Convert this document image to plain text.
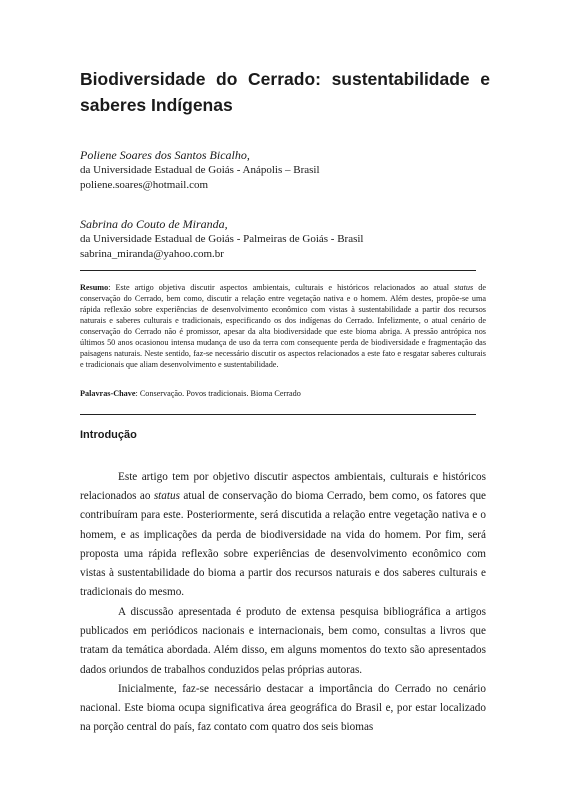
Biodiversidade do Cerrado: sustentabilidade e saberes Indígenas
Poliene Soares dos Santos Bicalho,
da Universidade Estadual de Goiás - Anápolis – Brasil
poliene.soares@hotmail.com
Sabrina do Couto de Miranda,
da Universidade Estadual de Goiás - Palmeiras de Goiás - Brasil
sabrina_miranda@yahoo.com.br
Resumo: Este artigo objetiva discutir aspectos ambientais, culturais e históricos relacionados ao atual status de conservação do Cerrado, bem como, discutir a relação entre vegetação nativa e o homem. Além destes, propõe-se uma rápida reflexão sobre experiências de desenvolvimento econômico com vistas à sustentabilidade a partir dos recursos naturais e saberes culturais e tradicionais, especificando os dos indígenas do Cerrado. Infelizmente, o atual cenário de conservação do Cerrado não é promissor, apesar da alta biodiversidade que este bioma abriga. A pressão antrópica nos últimos 50 anos ocasionou intensa mudança de uso da terra com consequente perda de biodiversidade e fragmentação das paisagens naturais. Neste sentido, faz-se necessário discutir os aspectos relacionados a este fato e resgatar saberes culturais e tradicionais que aliam desenvolvimento e sustentabilidade.
Palavras-Chave: Conservação. Povos tradicionais. Bioma Cerrado
Introdução

Este artigo tem por objetivo discutir aspectos ambientais, culturais e históricos relacionados ao status atual de conservação do bioma Cerrado, bem como, os fatores que contribuíram para este. Posteriormente, será discutida a relação entre vegetação nativa e o homem, e as implicações da perda de biodiversidade na vida do homem. Por fim, será proposta uma rápida reflexão sobre experiências de desenvolvimento econômico com vistas à sustentabilidade do bioma a partir dos recursos naturais e dos saberes culturais e tradicionais do mesmo.

A discussão apresentada é produto de extensa pesquisa bibliográfica a artigos publicados em periódicos nacionais e internacionais, bem como, consultas a livros que tratam da temática abordada. Além disso, em alguns momentos do texto são apresentados dados oriundos de trabalhos conduzidos pelas próprias autoras.

Inicialmente, faz-se necessário destacar a importância do Cerrado no cenário nacional. Este bioma ocupa significativa área geográfica do Brasil e, por estar localizado na porção central do país, faz contato com quatro dos seis biomas
